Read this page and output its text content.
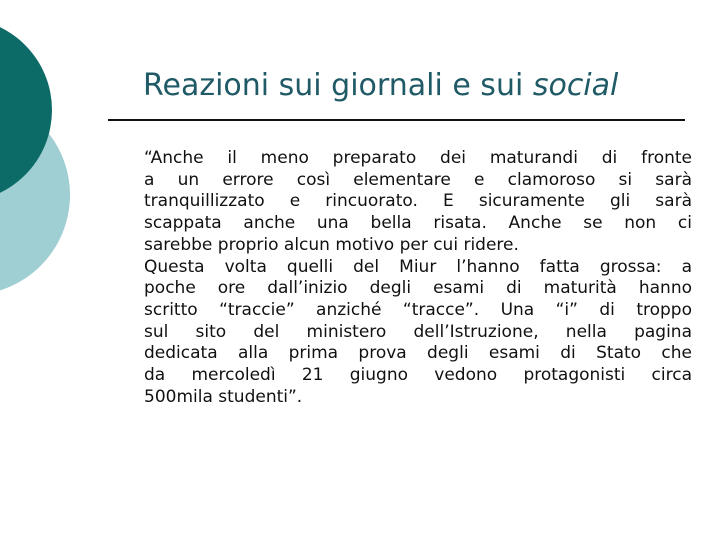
Reazioni sui giornali e sui social
“Anche il meno preparato dei maturandi di fronte
a un errore così elementare e clamoroso si sarà
tranquillizzato e rincuorato. E sicuramente gli sarà
scappata anche una bella risata. Anche se non ci
sarebbe proprio alcun motivo per cui ridere.
Questa volta quelli del Miur l’hanno fatta grossa: a
poche ore dall’inizio degli esami di maturità hanno
scritto “traccie” anziché “tracce”. Una “i” di troppo
sul sito del ministero dell’Istruzione, nella pagina
dedicata alla prima prova degli esami di Stato che
da mercoledì 21 giugno vedono protagonisti circa
500mila studenti”.
